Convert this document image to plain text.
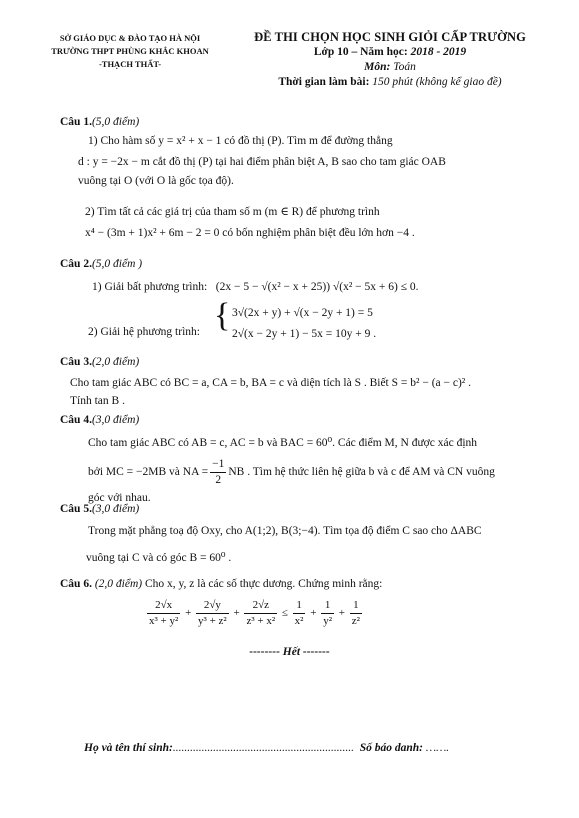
SỞ GIÁO DỤC & ĐÀO TẠO HÀ NỘI
TRƯỜNG THPT PHÙNG KHẮC KHOAN
-THẠCH THẤT-
ĐỀ THI CHỌN HỌC SINH GIỎI CẤP TRƯỜNG
Lớp 10 – Năm học: 2018 - 2019
Môn: Toán
Thời gian làm bài: 150 phút (không kể giao đề)
Câu 1.(5,0 điểm)
1) Cho hàm số y = x² + x − 1 có đồ thị (P). Tìm m để đường thẳng
d : y = −2x − m cắt đồ thị (P) tại hai điểm phân biệt A, B sao cho tam giác OAB
vuông tại O (với O là gốc tọa độ).
2) Tìm tất cả các giá trị của tham số m (m ∈ R) để phương trình
x⁴ − (3m + 1)x² + 6m − 2 = 0 có bốn nghiệm phân biệt đều lớn hơn −4 .
Câu 2.(5,0 điểm )
1) Giải bất phương trình: (2x − 5 − √(x² − x + 25)) √(x² − 5x + 6) ≤ 0.
2) Giải hệ phương trình: { 3√(2x + y) + √(x − 2y + 1) = 5
2√(x − 2y + 1) − 5x = 10y + 9 .
Câu 3.(2,0 điểm)
Cho tam giác ABC có BC = a, CA = b, BA = c và diện tích là S . Biết S = b² − (a − c)² .
Tính tan B .
Câu 4.(3,0 điểm)
Cho tam giác ABC có AB = c, AC = b và BAC = 60⁰. Các điểm M, N được xác định
bởi MC = −2MB và NA = $\frac{-1}{2}$ NB . Tìm hệ thức liên hệ giữa b và c để AM và CN vuông
góc với nhau.
Câu 5.(3,0 điểm)
Trong mặt phẳng toạ độ Oxy, cho A(1;2), B(3;−4). Tìm tọa độ điểm C sao cho ΔABC
vuông tại C và có góc B = 60⁰ .
Câu 6. (2,0 điểm) Cho x, y, z là các số thực dương. Chứng minh rằng:
$\frac{2√x}{\text{x³ + y²}} + \frac{2√y}{\text{y³ + z²}} + \frac{2√z}{\text{z³ + x²}} \le \frac{1}{\text{x²}} + \frac{1}{\text{y²}} + \frac{1}{\text{z²}}$
-------- Hết -------
Họ và tên thí sinh:............................................................... Số báo danh: …….
